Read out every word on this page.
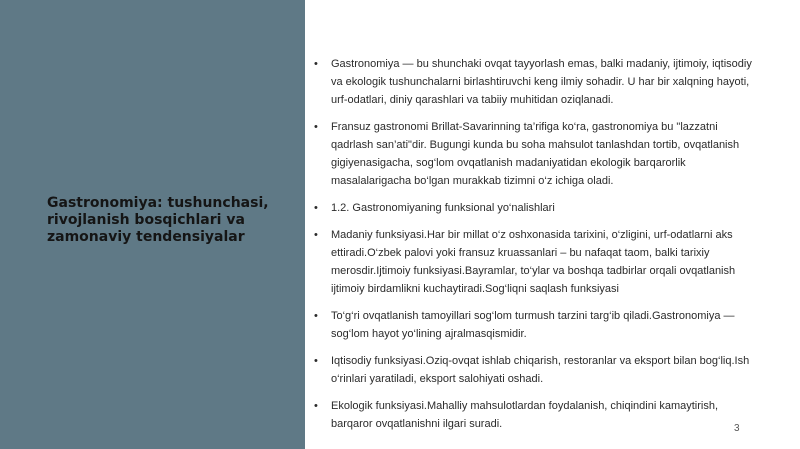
Gastronomiya: tushunchasi, rivojlanish bosqichlari va zamonaviy tendensiyalar
• Gastronomiya — bu shunchaki ovqat tayyorlash emas, balki madaniy, ijtimoiy, iqtisodiy va ekologik tushunchalarni birlashtiruvchi keng ilmiy sohadir. U har bir xalqning hayoti, urf-odatlari, diniy qarashlari va tabiiy muhitidan oziqlanadi.
• Fransuz gastronomi Brillat-Savarinning ta’rifiga ko‘ra, gastronomiya bu "lazzatni qadrlash san’ati"dir. Bugungi kunda bu soha mahsulot tanlashdan tortib, ovqatlanish gigiyenasigacha, sog‘lom ovqatlanish madaniyatidan ekologik barqarorlik masalalarigacha bo‘lgan murakkab tizimni o‘z ichiga oladi.
• 1.2. Gastronomiyaning funksional yo‘nalishlari
• Madaniy funksiyasi.Har bir millat o‘z oshxonasida tarixini, o‘zligini, urf-odatlarni aks ettiradi.O‘zbek palovi yoki fransuz kruassanlari – bu nafaqat taom, balki tarixiy merosdir.Ijtimoiy funksiyasi.Bayramlar, to‘ylar va boshqa tadbirlar orqali ovqatlanish ijtimoiy birdamlikni kuchaytiradi.Sog‘liqni saqlash funksiyasi
• To‘g‘ri ovqatlanish tamoyillari sog‘lom turmush tarzini targ‘ib qiladi.Gastronomiya — sog‘lom hayot yo‘lining ajralmasqismidir.
• Iqtisodiy funksiyasi.Oziq-ovqat ishlab chiqarish, restoranlar va eksport bilan bog‘liq.Ish o‘rinlari yaratiladi, eksport salohiyati oshadi.
• Ekologik funksiyasi.Mahalliy mahsulotlardan foydalanish, chiqindini kamaytirish, barqaror ovqatlanishni ilgari suradi.	3
